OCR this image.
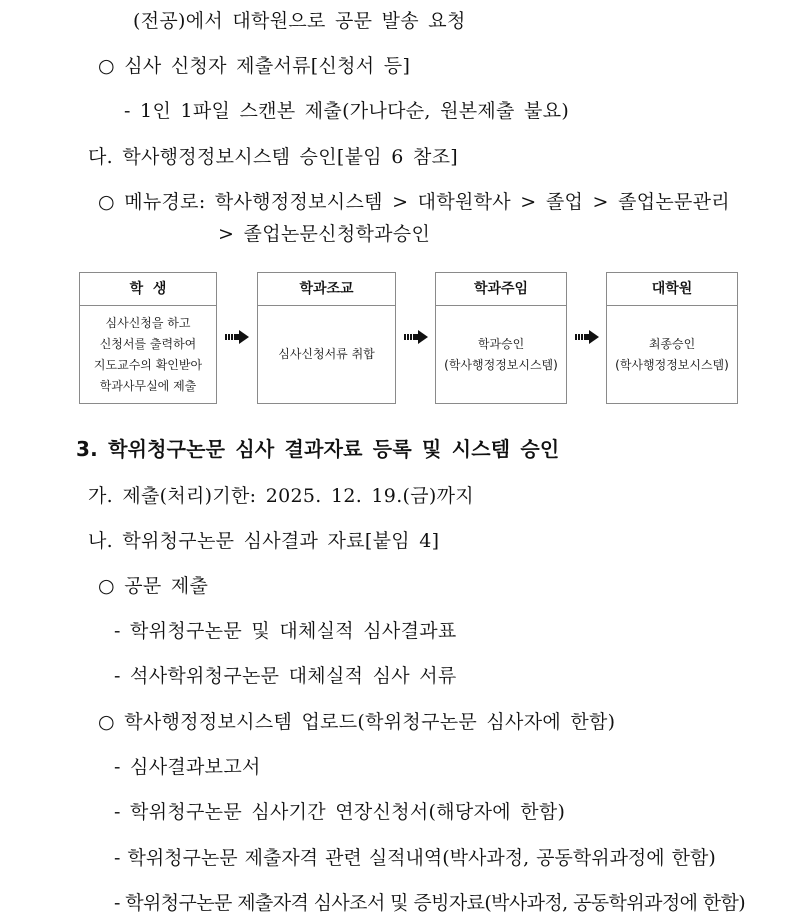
(전공)에서 대학원으로 공문 발송 요청
○ 심사 신청자 제출서류[신청서 등]
- 1인 1파일 스캔본 제출(가나다순, 원본제출 불요)
다. 학사행정정보시스템 승인[붙임 6 참조]
○ 메뉴경로: 학사행정정보시스템 > 대학원학사 > 졸업 > 졸업논문관리
> 졸업논문신청학과승인
학  생
심사신청을 하고
신청서를 출력하여
지도교수의 확인받아
학과사무실에 제출
학과조교
심사신청서류 취합
학과주임
학과승인
(학사행정정보시스템)
대학원
최종승인
(학사행정정보시스템)
3. 학위청구논문 심사 결과자료 등록 및 시스템 승인
가. 제출(처리)기한: 2025. 12. 19.(금)까지
나. 학위청구논문 심사결과 자료[붙임 4]
○ 공문 제출
- 학위청구논문 및 대체실적 심사결과표
- 석사학위청구논문 대체실적 심사 서류
○ 학사행정정보시스템 업로드(학위청구논문 심사자에 한함)
- 심사결과보고서
- 학위청구논문 심사기간 연장신청서(해당자에 한함)
- 학위청구논문 제출자격 관련 실적내역(박사과정, 공동학위과정에 한함)
- 학위청구논문 제출자격 심사조서 및 증빙자료(박사과정, 공동학위과정에 한함)
